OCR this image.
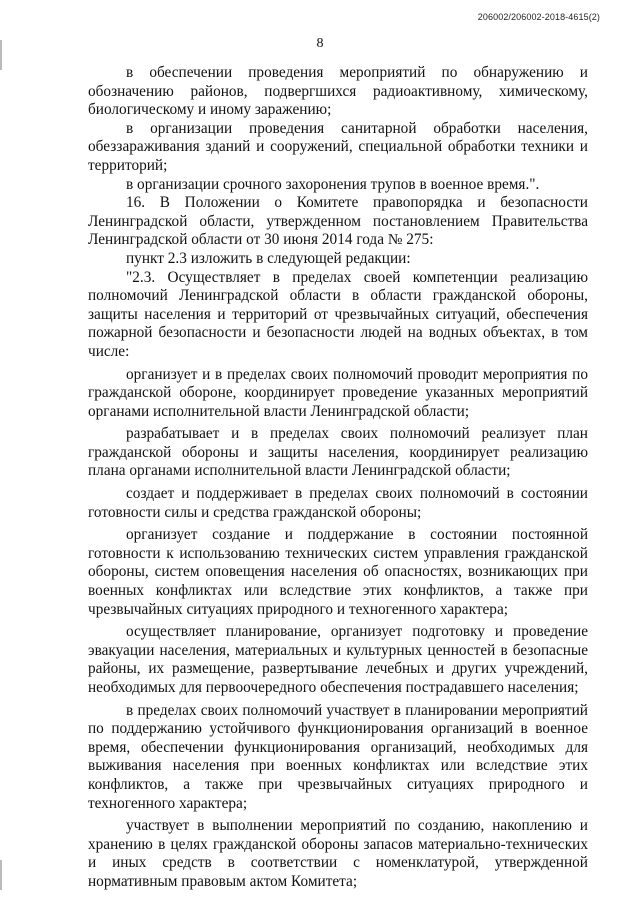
206002/206002-2018-4615(2)
8

в обеспечении проведения мероприятий по обнаружению и обозначению районов, подвергшихся радиоактивному, химическому, биологическому и иному заражению;

в организации проведения санитарной обработки населения, обеззараживания зданий и сооружений, специальной обработки техники и территорий;

в организации срочного захоронения трупов в военное время.".

16. В Положении о Комитете правопорядка и безопасности Ленинградской области, утвержденном постановлением Правительства Ленинградской области от 30 июня 2014 года № 275:

пункт 2.3 изложить в следующей редакции:

"2.3. Осуществляет в пределах своей компетенции реализацию полномочий Ленинградской области в области гражданской обороны, защиты населения и территорий от чрезвычайных ситуаций, обеспечения пожарной безопасности и безопасности людей на водных объектах, в том числе:

организует и в пределах своих полномочий проводит мероприятия по гражданской обороне, координирует проведение указанных мероприятий органами исполнительной власти Ленинградской области;

разрабатывает и в пределах своих полномочий реализует план гражданской обороны и защиты населения, координирует реализацию плана органами исполнительной власти Ленинградской области;

создает и поддерживает в пределах своих полномочий в состоянии готовности силы и средства гражданской обороны;

организует создание и поддержание в состоянии постоянной готовности к использованию технических систем управления гражданской обороны, систем оповещения населения об опасностях, возникающих при военных конфликтах или вследствие этих конфликтов, а также при чрезвычайных ситуациях природного и техногенного характера;

осуществляет планирование, организует подготовку и проведение эвакуации населения, материальных и культурных ценностей в безопасные районы, их размещение, развертывание лечебных и других учреждений, необходимых для первоочередного обеспечения пострадавшего населения;

в пределах своих полномочий участвует в планировании мероприятий по поддержанию устойчивого функционирования организаций в военное время, обеспечении функционирования организаций, необходимых для выживания населения при военных конфликтах или вследствие этих конфликтов, а также при чрезвычайных ситуациях природного и техногенного характера;

участвует в выполнении мероприятий по созданию, накоплению и хранению в целях гражданской обороны запасов материально-технических и иных средств в соответствии с номенклатурой, утвержденной нормативным правовым актом Комитета;
